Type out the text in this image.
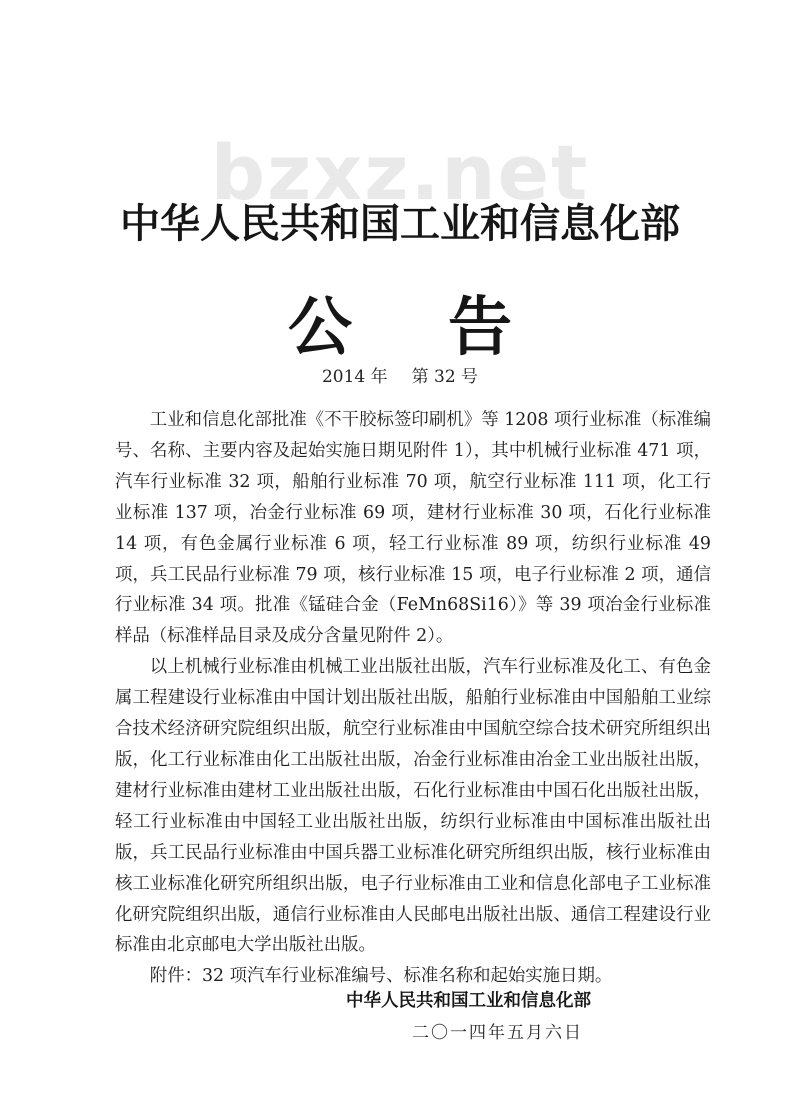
bzxz.net
中华人民共和国工业和信息化部
公告
2014 年 第 32 号

工业和信息化部批准《不干胶标签印刷机》等 1208 项行业标准（标准编号、名称、主要内容及起始实施日期见附件 1），其中机械行业标准 471 项，汽车行业标准 32 项，船舶行业标准 70 项，航空行业标准 111 项，化工行业标准 137 项，冶金行业标准 69 项，建材行业标准 30 项，石化行业标准 14 项，有色金属行业标准 6 项，轻工行业标准 89 项，纺织行业标准 49 项，兵工民品行业标准 79 项，核行业标准 15 项，电子行业标准 2 项，通信行业标准 34 项。批准《锰硅合金（FeMn68Si16）》等 39 项冶金行业标准样品（标准样品目录及成分含量见附件 2）。

以上机械行业标准由机械工业出版社出版，汽车行业标准及化工、有色金属工程建设行业标准由中国计划出版社出版，船舶行业标准由中国船舶工业综合技术经济研究院组织出版，航空行业标准由中国航空综合技术研究所组织出版，化工行业标准由化工出版社出版，冶金行业标准由冶金工业出版社出版，建材行业标准由建材工业出版社出版，石化行业标准由中国石化出版社出版，轻工行业标准由中国轻工业出版社出版，纺织行业标准由中国标准出版社出版，兵工民品行业标准由中国兵器工业标准化研究所组织出版，核行业标准由核工业标准化研究所组织出版，电子行业标准由工业和信息化部电子工业标准化研究院组织出版，通信行业标准由人民邮电出版社出版、通信工程建设行业标准由北京邮电大学出版社出版。

附件：32 项汽车行业标准编号、标准名称和起始实施日期。

中华人民共和国工业和信息化部
二〇一四年五月六日
